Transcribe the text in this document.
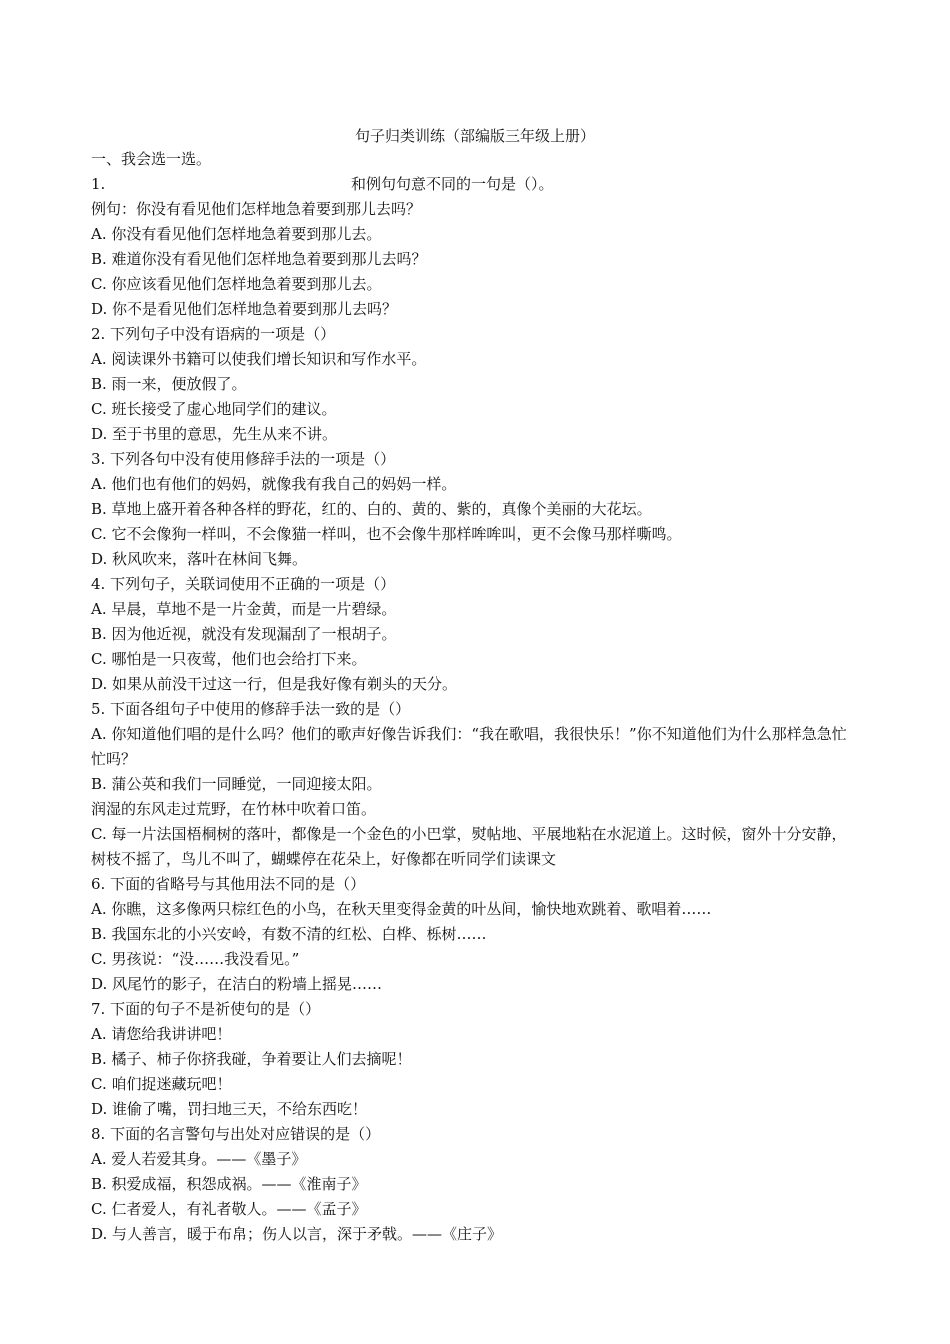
句子归类训练（部编版三年级上册）
一、我会选一选。
1.	和例句句意不同的一句是（）。
例句：你没有看见他们怎样地急着要到那儿去吗？
A. 你没有看见他们怎样地急着要到那儿去。
B. 难道你没有看见他们怎样地急着要到那儿去吗？
C. 你应该看见他们怎样地急着要到那儿去。
D. 你不是看见他们怎样地急着要到那儿去吗？
2. 下列句子中没有语病的一项是（）
A. 阅读课外书籍可以使我们增长知识和写作水平。
B. 雨一来，便放假了。
C. 班长接受了虚心地同学们的建议。
D. 至于书里的意思，先生从来不讲。
3. 下列各句中没有使用修辞手法的一项是（）
A. 他们也有他们的妈妈，就像我有我自己的妈妈一样。
B. 草地上盛开着各种各样的野花，红的、白的、黄的、紫的，真像个美丽的大花坛。
C. 它不会像狗一样叫，不会像猫一样叫，也不会像牛那样哞哞叫，更不会像马那样嘶鸣。
D. 秋风吹来，落叶在林间飞舞。
4. 下列句子，关联词使用不正确的一项是（）
A. 早晨，草地不是一片金黄，而是一片碧绿。
B. 因为他近视，就没有发现漏刮了一根胡子。
C. 哪怕是一只夜莺，他们也会给打下来。
D. 如果从前没干过这一行，但是我好像有剃头的天分。
5. 下面各组句子中使用的修辞手法一致的是（）
A. 你知道他们唱的是什么吗？他们的歌声好像告诉我们：“我在歌唱，我很快乐！”你不知道他们为什么那样急急忙忙吗？
B. 蒲公英和我们一同睡觉，一同迎接太阳。
润湿的东风走过荒野，在竹林中吹着口笛。
C. 每一片法国梧桐树的落叶，都像是一个金色的小巴掌，熨帖地、平展地粘在水泥道上。这时候，窗外十分安静，树枝不摇了，鸟儿不叫了，蝴蝶停在花朵上，好像都在听同学们读课文
6. 下面的省略号与其他用法不同的是（）
A. 你瞧，这多像两只棕红色的小鸟，在秋天里变得金黄的叶丛间，愉快地欢跳着、歌唱着……
B. 我国东北的小兴安岭，有数不清的红松、白桦、栎树……
C. 男孩说：“没……我没看见。”
D. 风尾竹的影子，在洁白的粉墙上摇晃……
7. 下面的句子不是祈使句的是（）
A. 请您给我讲讲吧！
B. 橘子、柿子你挤我碰，争着要让人们去摘呢！
C. 咱们捉迷藏玩吧！
D. 谁偷了嘴，罚扫地三天，不给东西吃！
8. 下面的名言警句与出处对应错误的是（）
A. 爱人若爱其身。——《墨子》
B. 积爱成福，积怨成祸。——《淮南子》
C. 仁者爱人，有礼者敬人。——《孟子》
D. 与人善言，暖于布帛；伤人以言，深于矛戟。——《庄子》
